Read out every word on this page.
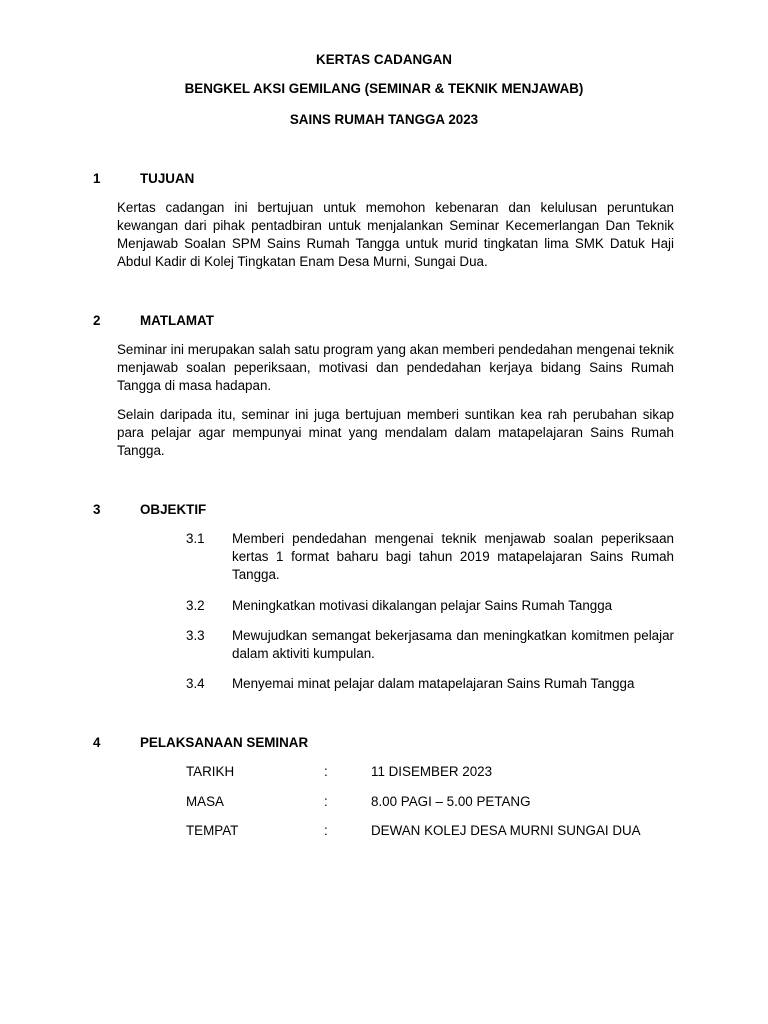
KERTAS CADANGAN
BENGKEL AKSI GEMILANG (SEMINAR & TEKNIK MENJAWAB)
SAINS RUMAH TANGGA 2023
1	TUJUAN
Kertas cadangan ini bertujuan untuk memohon kebenaran dan kelulusan peruntukan kewangan dari pihak pentadbiran untuk menjalankan Seminar Kecemerlangan Dan Teknik Menjawab Soalan SPM Sains Rumah Tangga untuk murid tingkatan lima SMK Datuk Haji Abdul Kadir di Kolej Tingkatan Enam Desa Murni, Sungai Dua.
2	MATLAMAT
Seminar ini merupakan salah satu program yang akan memberi pendedahan mengenai teknik menjawab soalan peperiksaan, motivasi dan pendedahan kerjaya bidang Sains Rumah Tangga di masa hadapan.
Selain daripada itu, seminar ini juga bertujuan memberi suntikan kea rah perubahan sikap para pelajar agar mempunyai minat yang mendalam dalam matapelajaran Sains Rumah Tangga.
3	OBJEKTIF
3.1 Memberi pendedahan mengenai teknik menjawab soalan peperiksaan kertas 1 format baharu bagi tahun 2019 matapelajaran Sains Rumah Tangga.
3.2 Meningkatkan motivasi dikalangan pelajar Sains Rumah Tangga
3.3 Mewujudkan semangat bekerjasama dan meningkatkan komitmen pelajar dalam aktiviti kumpulan.
3.4 Menyemai minat pelajar dalam matapelajaran Sains Rumah Tangga
4	PELAKSANAAN SEMINAR
TARIKH	:	11 DISEMBER 2023
MASA	:	8.00 PAGI – 5.00 PETANG
TEMPAT	:	DEWAN KOLEJ DESA MURNI SUNGAI DUA
